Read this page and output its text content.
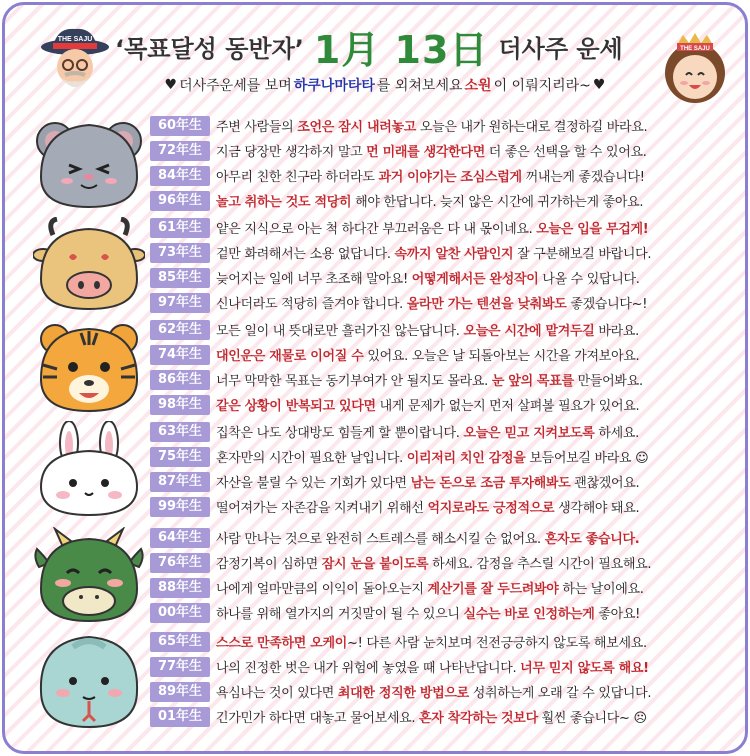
THE SAJU ‘목표달성 동반자’ 1月 13日 더사주 운세
♥ 더사주운세를 보며 하쿠나마타타 를 외쳐보세요 소원 이 이뤄지리라~ ♥
THE SAJU
60年生	주변 사람들의 조언은 잠시 내려놓고 오늘은 내가 원하는대로 결정하길 바라요.
72年生	지금 당장만 생각하지 말고 먼 미래를 생각한다면 더 좋은 선택을 할 수 있어요.
84年生	아무리 친한 친구라 하더라도 과거 이야기는 조심스럽게 꺼내는게 좋겠습니다!
96年生	놀고 취하는 것도 적당히 해야 한답니다. 늦지 않은 시간에 귀가하는게 좋아요.
61年生	얕은 지식으로 아는 척 하다간 부끄러움은 다 내 몫이네요. 오늘은 입을 무겁게!
73年生	겉만 화려해서는 소용 없답니다. 속까지 알찬 사람인지 잘 구분해보길 바랍니다.
85年生	늦어지는 일에 너무 초조해 말아요! 어떻게해서든 완성작이 나올 수 있답니다.
97年生	신나더라도 적당히 즐겨야 합니다. 올라만 가는 텐션을 낮춰봐도 좋겠습니다~!
62年生	모든 일이 내 뜻대로만 흘러가진 않는답니다. 오늘은 시간에 맡겨두길 바라요.
74年生	대인운은 재물로 이어질 수 있어요. 오늘은 날 되돌아보는 시간을 가져보아요.
86年生	너무 막막한 목표는 동기부여가 안 될지도 몰라요. 눈 앞의 목표를 만들어봐요.
98年生	같은 상황이 반복되고 있다면 내게 문제가 없는지 먼저 살펴볼 필요가 있어요.
63年生	집착은 나도 상대방도 힘들게 할 뿐이랍니다. 오늘은 믿고 지켜보도록 하세요.
75年生	혼자만의 시간이 필요한 날입니다. 이리저리 치인 감정을 보듬어보길 바라요 ☺
87年生	자산을 불릴 수 있는 기회가 있다면 남는 돈으로 조금 투자해봐도 괜찮겠어요.
99年生	떨어져가는 자존감을 지켜내기 위해선 억지로라도 긍정적으로 생각해야 돼요.
64年生	사람 만나는 것으로 완전히 스트레스를 해소시킬 순 없어요. 혼자도 좋습니다.
76年生	감정기복이 심하면 잠시 눈을 붙이도록 하세요. 감정을 추스릴 시간이 필요해요.
88年生	나에게 얼마만큼의 이익이 돌아오는지 계산기를 잘 두드려봐야 하는 날이에요.
00年生	하나를 위해 열가지의 거짓말이 될 수 있으니 실수는 바로 인정하는게 좋아요!
65年生	스스로 만족하면 오케이~! 다른 사람 눈치보며 전전긍긍하지 않도록 해보세요.
77年生	나의 진정한 벗은 내가 위험에 놓였을 때 나타난답니다. 너무 믿지 않도록 해요!
89年生	욕심나는 것이 있다면 최대한 정직한 방법으로 성취하는게 오래 갈 수 있답니다.
01年生	긴가민가 하다면 대놓고 물어보세요. 혼자 착각하는 것보다 훨씬 좋습니다~ ☹
